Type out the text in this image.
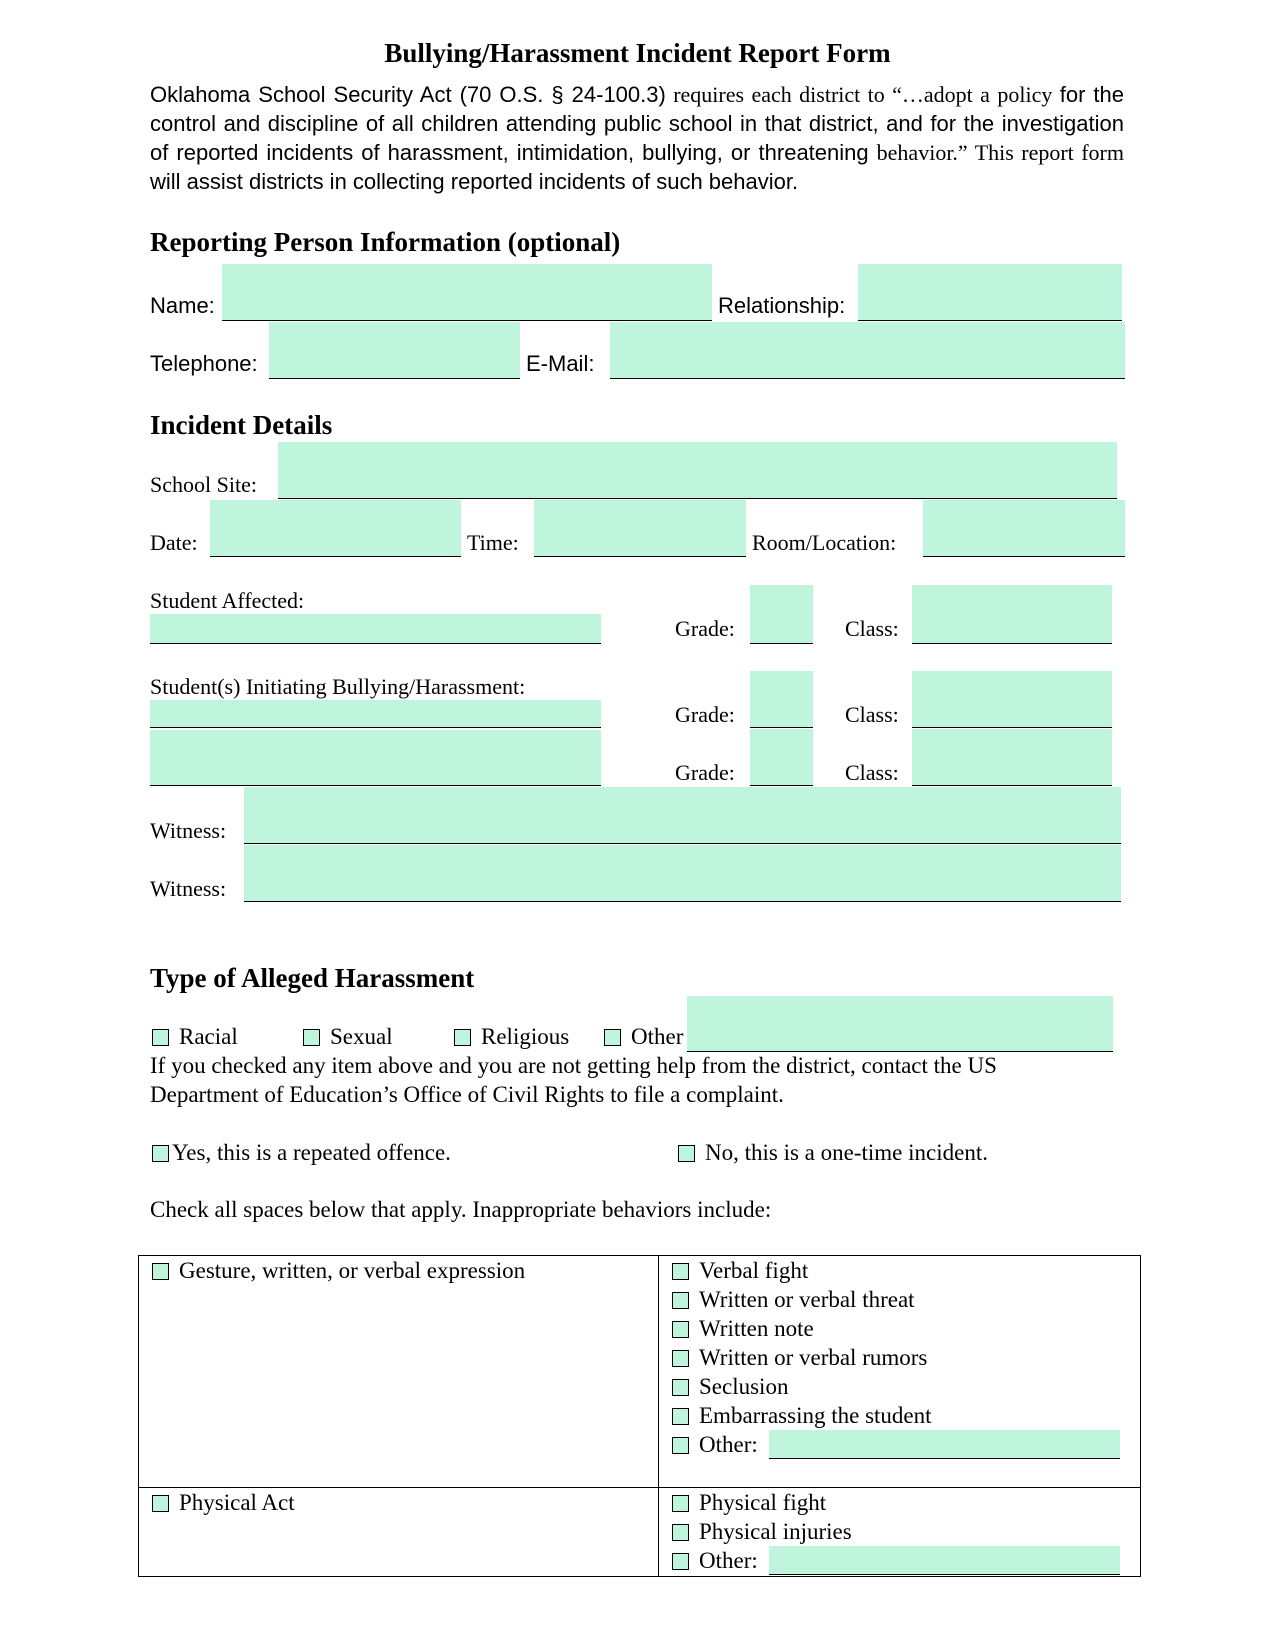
Bullying/Harassment Incident Report Form
Oklahoma School Security Act (70 O.S. § 24-100.3) requires each district to “…adopt a policy for the control and discipline of all children attending public school in that district, and for the investigation of reported incidents of harassment, intimidation, bullying, or threatening behavior.” This report form will assist districts in collecting reported incidents of such behavior.
Reporting Person Information (optional)
Name:	Relationship:
Telephone:	E-Mail:
Incident Details
School Site:
Date:	Time:	Room/Location:
Student Affected:
Grade:	Class:
Student(s) Initiating Bullying/Harassment:
Grade:	Class:
Grade:	Class:
Witness:
Witness:
Type of Alleged Harassment
Racial	Sexual	Religious	Other
If you checked any item above and you are not getting help from the district, contact the US
Department of Education’s Office of Civil Rights to file a complaint.
Yes, this is a repeated offence.	No, this is a one-time incident.
Check all spaces below that apply. Inappropriate behaviors include:
Gesture, written, or verbal expression	Verbal fight
Written or verbal threat
Written note
Written or verbal rumors
Seclusion
Embarrassing the student
Other:
Physical Act	Physical fight
Physical injuries
Other:
